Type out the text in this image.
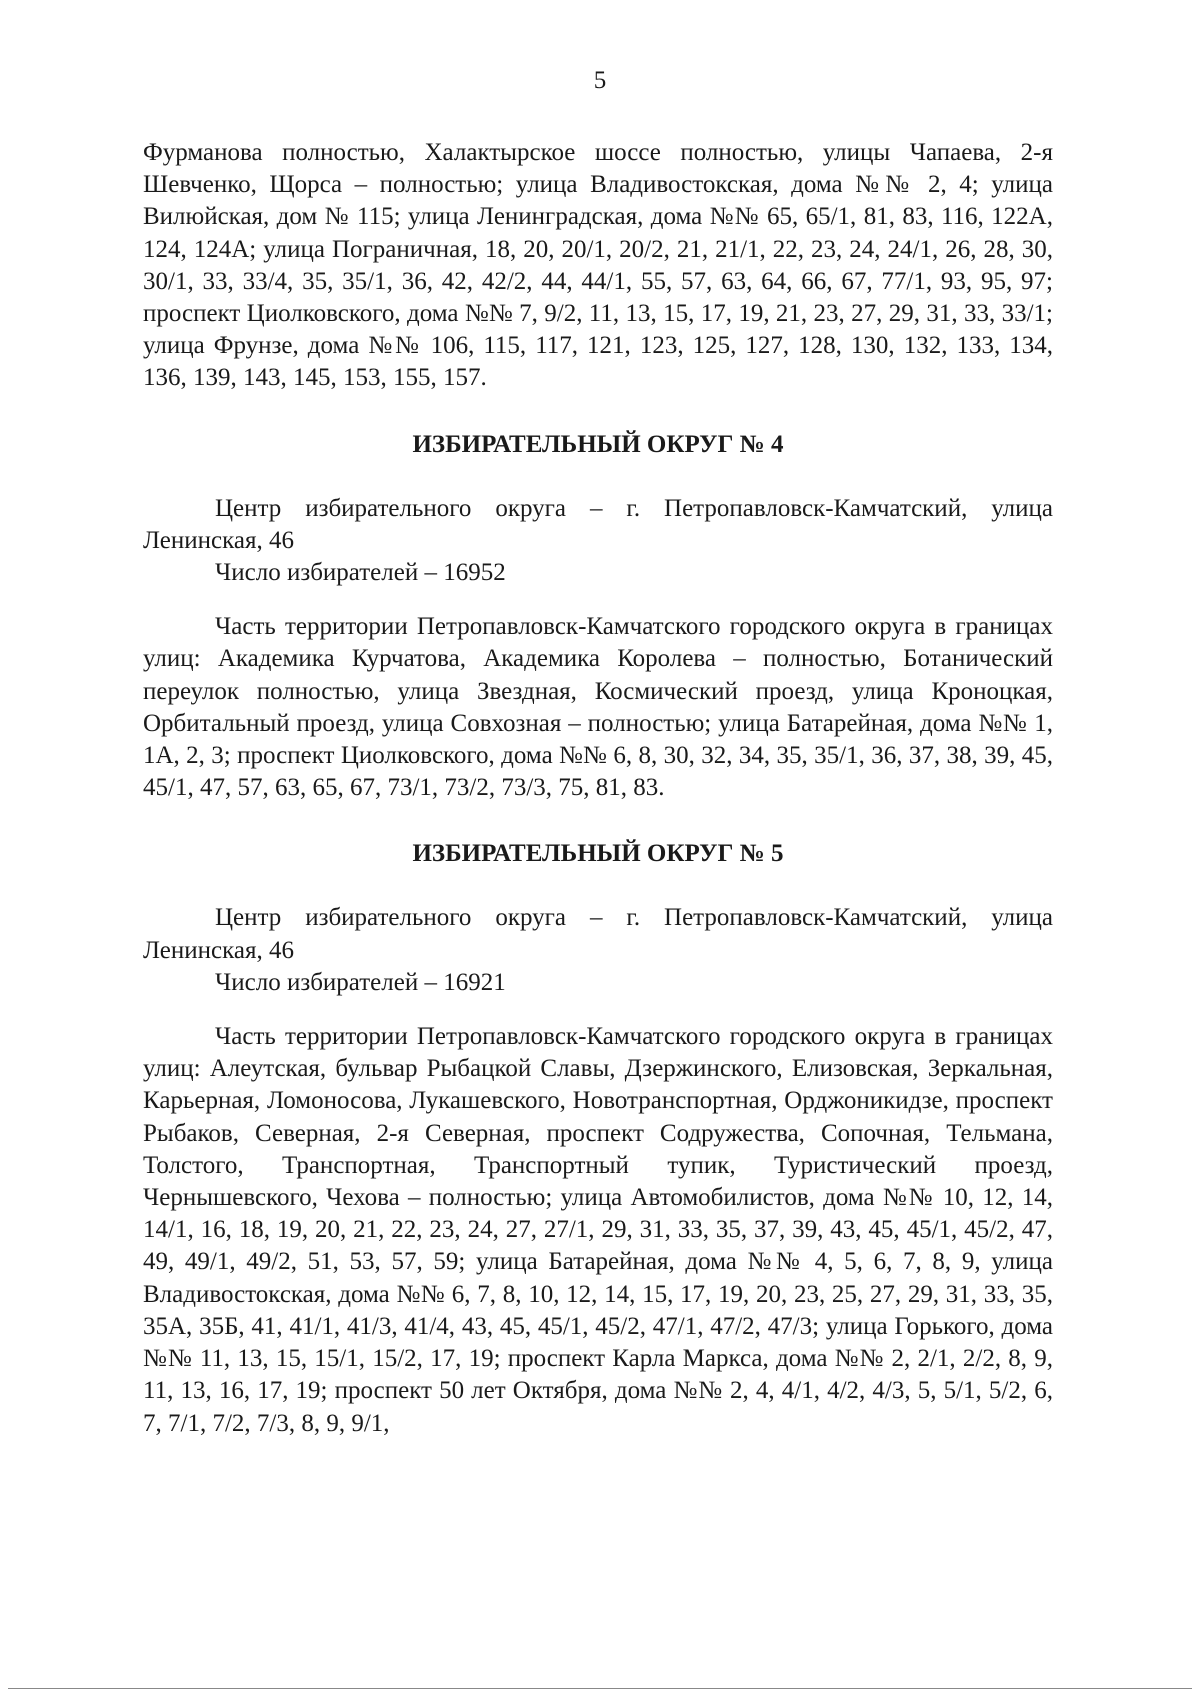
5

Фурманова полностью, Халактырское шоссе полностью, улицы Чапаева, 2-я Шевченко, Щорса – полностью; улица Владивостокская, дома №№ 2, 4; улица Вилюйская, дом № 115; улица Ленинградская, дома №№ 65, 65/1, 81, 83, 116, 122А, 124, 124А; улица Пограничная, 18, 20, 20/1, 20/2, 21, 21/1, 22, 23, 24, 24/1, 26, 28, 30, 30/1, 33, 33/4, 35, 35/1, 36, 42, 42/2, 44, 44/1, 55, 57, 63, 64, 66, 67, 77/1, 93, 95, 97; проспект Циолковского, дома №№ 7, 9/2, 11, 13, 15, 17, 19, 21, 23, 27, 29, 31, 33, 33/1; улица Фрунзе, дома №№ 106, 115, 117, 121, 123, 125, 127, 128, 130, 132, 133, 134, 136, 139, 143, 145, 153, 155, 157.

ИЗБИРАТЕЛЬНЫЙ ОКРУГ № 4

Центр избирательного округа – г. Петропавловск-Камчатский, улица Ленинская, 46

Число избирателей – 16952

Часть территории Петропавловск-Камчатского городского округа в границах улиц: Академика Курчатова, Академика Королева – полностью, Ботанический переулок полностью, улица Звездная, Космический проезд, улица Кроноцкая, Орбитальный проезд, улица Совхозная – полностью; улица Батарейная, дома №№ 1, 1А, 2, 3; проспект Циолковского, дома №№ 6, 8, 30, 32, 34, 35, 35/1, 36, 37, 38, 39, 45, 45/1, 47, 57, 63, 65, 67, 73/1, 73/2, 73/3, 75, 81, 83.

ИЗБИРАТЕЛЬНЫЙ ОКРУГ № 5

Центр избирательного округа – г. Петропавловск-Камчатский, улица Ленинская, 46

Число избирателей – 16921

Часть территории Петропавловск-Камчатского городского округа в границах улиц: Алеутская, бульвар Рыбацкой Славы, Дзержинского, Елизовская, Зеркальная, Карьерная, Ломоносова, Лукашевского, Новотранспортная, Орджоникидзе, проспект Рыбаков, Северная, 2-я Северная, проспект Содружества, Сопочная, Тельмана, Толстого, Транспортная, Транспортный тупик, Туристический проезд, Чернышевского, Чехова – полностью; улица Автомобилистов, дома №№ 10, 12, 14, 14/1, 16, 18, 19, 20, 21, 22, 23, 24, 27, 27/1, 29, 31, 33, 35, 37, 39, 43, 45, 45/1, 45/2, 47, 49, 49/1, 49/2, 51, 53, 57, 59; улица Батарейная, дома №№ 4, 5, 6, 7, 8, 9, улица Владивостокская, дома №№ 6, 7, 8, 10, 12, 14, 15, 17, 19, 20, 23, 25, 27, 29, 31, 33, 35, 35А, 35Б, 41, 41/1, 41/3, 41/4, 43, 45, 45/1, 45/2, 47/1, 47/2, 47/3; улица Горького, дома №№ 11, 13, 15, 15/1, 15/2, 17, 19; проспект Карла Маркса, дома №№ 2, 2/1, 2/2, 8, 9, 11, 13, 16, 17, 19; проспект 50 лет Октября, дома №№ 2, 4, 4/1, 4/2, 4/3, 5, 5/1, 5/2, 6, 7, 7/1, 7/2, 7/3, 8, 9, 9/1,
